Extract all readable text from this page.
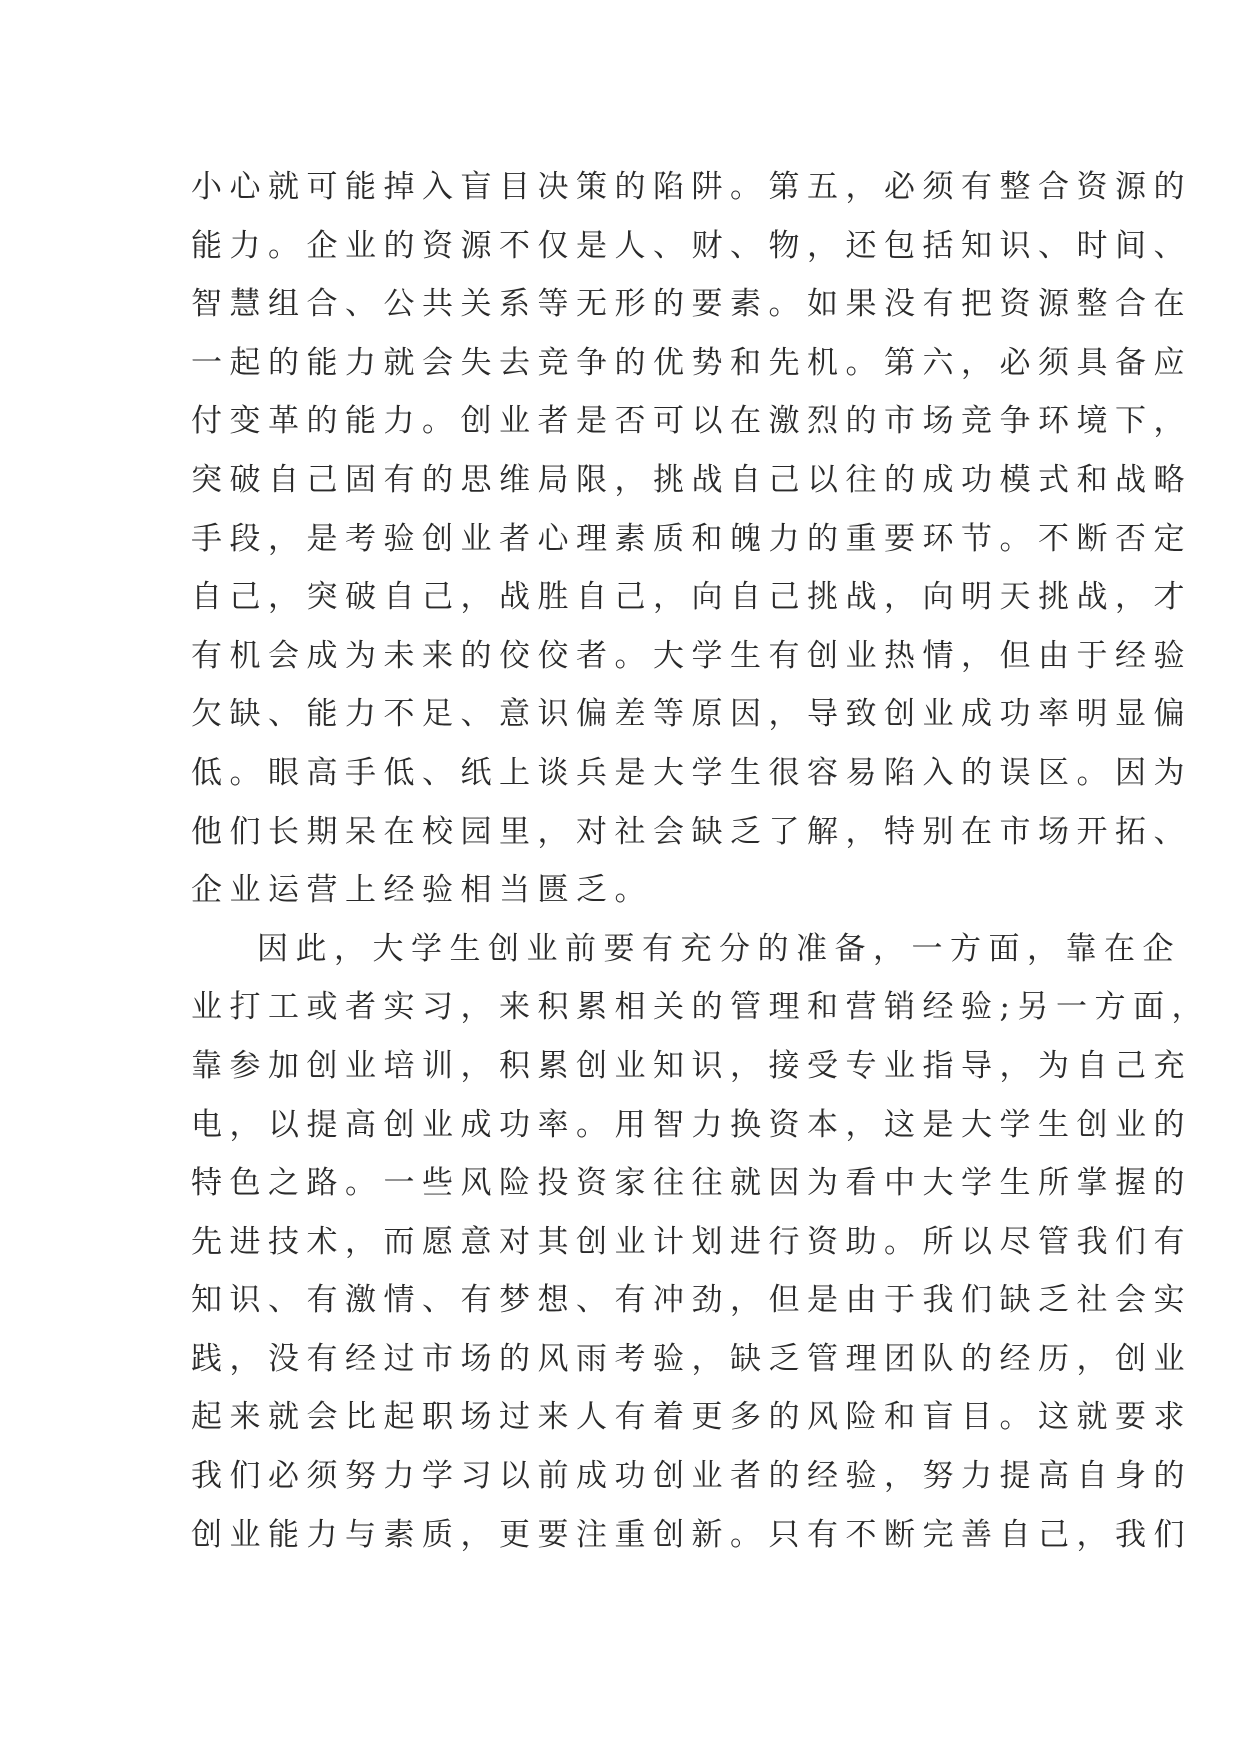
小心就可能掉入盲目决策的陷阱。第五，必须有整合资源的
能力。企业的资源不仅是人、财、物，还包括知识、时间、
智慧组合、公共关系等无形的要素。如果没有把资源整合在
一起的能力就会失去竞争的优势和先机。第六，必须具备应
付变革的能力。创业者是否可以在激烈的市场竞争环境下，
突破自己固有的思维局限，挑战自己以往的成功模式和战略
手段，是考验创业者心理素质和魄力的重要环节。不断否定
自己，突破自己，战胜自己，向自己挑战，向明天挑战，才
有机会成为未来的佼佼者。大学生有创业热情，但由于经验
欠缺、能力不足、意识偏差等原因，导致创业成功率明显偏
低。眼高手低、纸上谈兵是大学生很容易陷入的误区。因为
他们长期呆在校园里，对社会缺乏了解，特别在市场开拓、
企业运营上经验相当匮乏。
因此，大学生创业前要有充分的准备，一方面，靠在企
业打工或者实习，来积累相关的管理和营销经验;另一方面，
靠参加创业培训，积累创业知识，接受专业指导，为自己充
电，以提高创业成功率。用智力换资本，这是大学生创业的
特色之路。一些风险投资家往往就因为看中大学生所掌握的
先进技术，而愿意对其创业计划进行资助。所以尽管我们有
知识、有激情、有梦想、有冲劲，但是由于我们缺乏社会实
践，没有经过市场的风雨考验，缺乏管理团队的经历，创业
起来就会比起职场过来人有着更多的风险和盲目。这就要求
我们必须努力学习以前成功创业者的经验，努力提高自身的
创业能力与素质，更要注重创新。只有不断完善自己，我们
